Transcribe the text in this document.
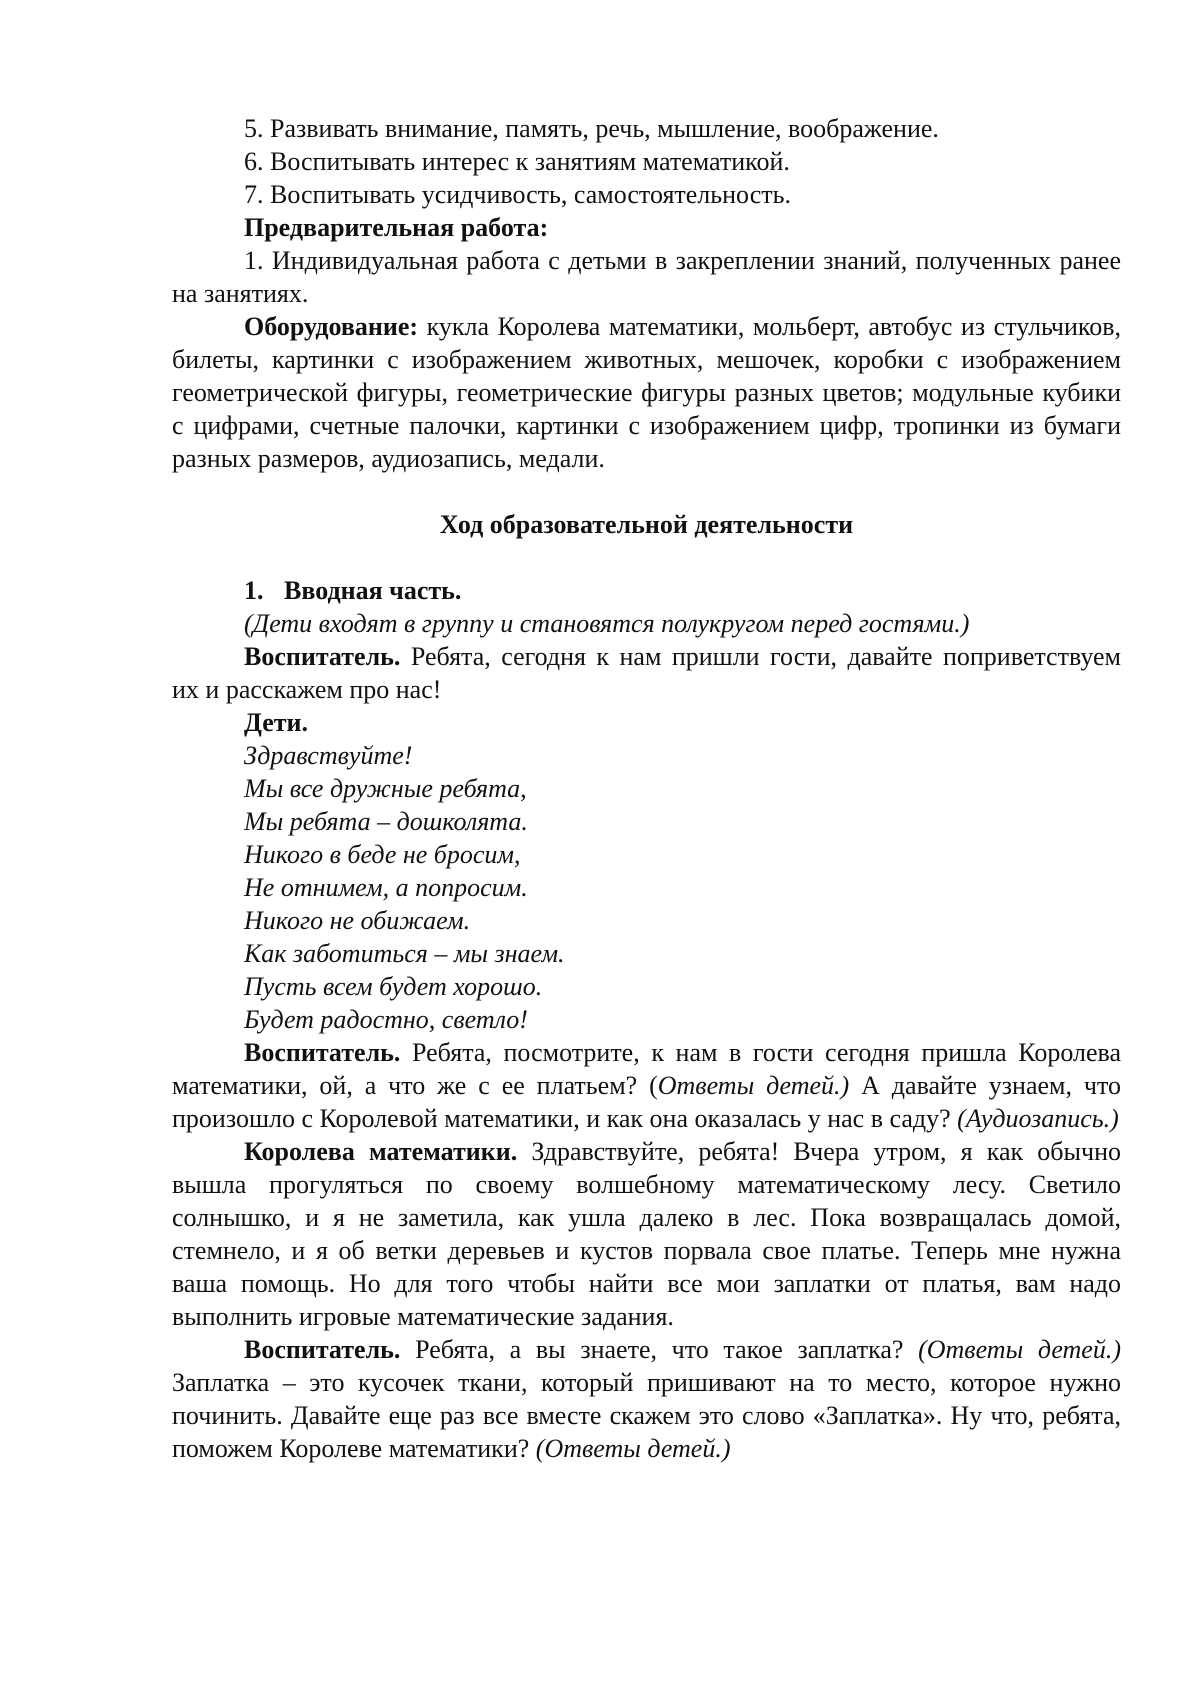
5. Развивать внимание, память, речь, мышление, воображение.

6. Воспитывать интерес к занятиям математикой.

7. Воспитывать усидчивость, самостоятельность.

Предварительная работа:

1. Индивидуальная работа с детьми в закреплении знаний, полученных ранее на занятиях.

Оборудование: кукла Королева математики, мольберт, автобус из стульчиков, билеты, картинки с изображением животных, мешочек, коробки с изображением геометрической фигуры, геометрические фигуры разных цветов; модульные кубики с цифрами, счетные палочки, картинки с изображением цифр, тропинки из бумаги разных размеров, аудиозапись, медали.

Ход образовательной деятельности

1. Вводная часть.

(Дети входят в группу и становятся полукругом перед гостями.)

Воспитатель. Ребята, сегодня к нам пришли гости, давайте поприветствуем их и расскажем про нас!

Дети.

Здравствуйте!

Мы все дружные ребята,

Мы ребята – дошколята.

Никого в беде не бросим,

Не отнимем, а попросим.

Никого не обижаем.

Как заботиться – мы знаем.

Пусть всем будет хорошо.

Будет радостно, светло!

Воспитатель. Ребята, посмотрите, к нам в гости сегодня пришла Королева математики, ой, а что же с ее платьем? (Ответы детей.) А давайте узнаем, что произошло с Королевой математики, и как она оказалась у нас в саду? (Аудиозапись.)

Королева математики. Здравствуйте, ребята! Вчера утром, я как обычно вышла прогуляться по своему волшебному математическому лесу. Светило солнышко, и я не заметила, как ушла далеко в лес. Пока возвращалась домой, стемнело, и я об ветки деревьев и кустов порвала свое платье. Теперь мне нужна ваша помощь. Но для того чтобы найти все мои заплатки от платья, вам надо выполнить игровые математические задания.

Воспитатель. Ребята, а вы знаете, что такое заплатка? (Ответы детей.) Заплатка – это кусочек ткани, который пришивают на то место, которое нужно починить. Давайте еще раз все вместе скажем это слово «Заплатка». Ну что, ребята, поможем Королеве математики? (Ответы детей.)
